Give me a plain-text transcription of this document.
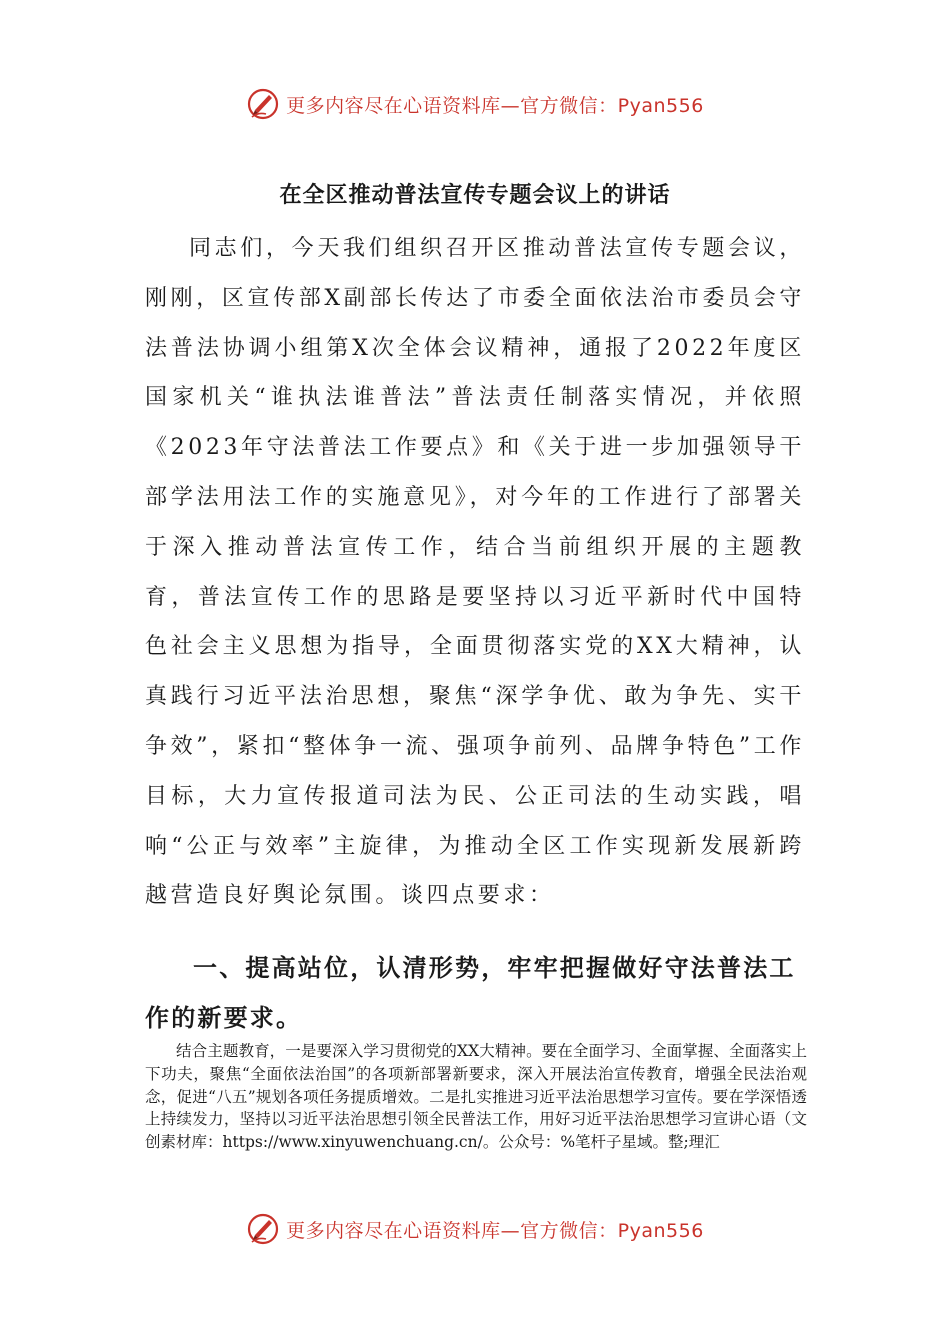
更多内容尽在心语资料库—官方微信：Pyan556
在全区推动普法宣传专题会议上的讲话

同志们，今天我们组织召开区推动普法宣传专题会议，刚刚，区宣传部X副部长传达了市委全面依法治市委员会守法普法协调小组第X次全体会议精神，通报了2022年度区国家机关“谁执法谁普法”普法责任制落实情况，并依照《2023年守法普法工作要点》和《关于进一步加强领导干部学法用法工作的实施意见》，对今年的工作进行了部署关于深入推动普法宣传工作，结合当前组织开展的主题教育，普法宣传工作的思路是要坚持以习近平新时代中国特色社会主义思想为指导，全面贯彻落实党的XX大精神，认真践行习近平法治思想，聚焦“深学争优、敢为争先、实干争效”，紧扣“整体争一流、强项争前列、品牌争特色”工作目标，大力宣传报道司法为民、公正司法的生动实践，唱响“公正与效率”主旋律，为推动全区工作实现新发展新跨越营造良好舆论氛围。谈四点要求：

一、提高站位，认清形势，牢牢把握做好守法普法工作的新要求。

结合主题教育，一是要深入学习贯彻党的XX大精神。要在全面学习、全面掌握、全面落实上下功夫，聚焦“全面依法治国”的各项新部署新要求，深入开展法治宣传教育，增强全民法治观念，促进“八五”规划各项任务提质增效。二是扎实推进习近平法治思想学习宣传。要在学深悟透上持续发力，坚持以习近平法治思想引领全民普法工作，用好习近平法治思想学习宣讲心语（文创素材库：https://www.xinyuwenchuang.cn/。公众号：%笔杆子星域。整;理汇

更多内容尽在心语资料库—官方微信：Pyan556
